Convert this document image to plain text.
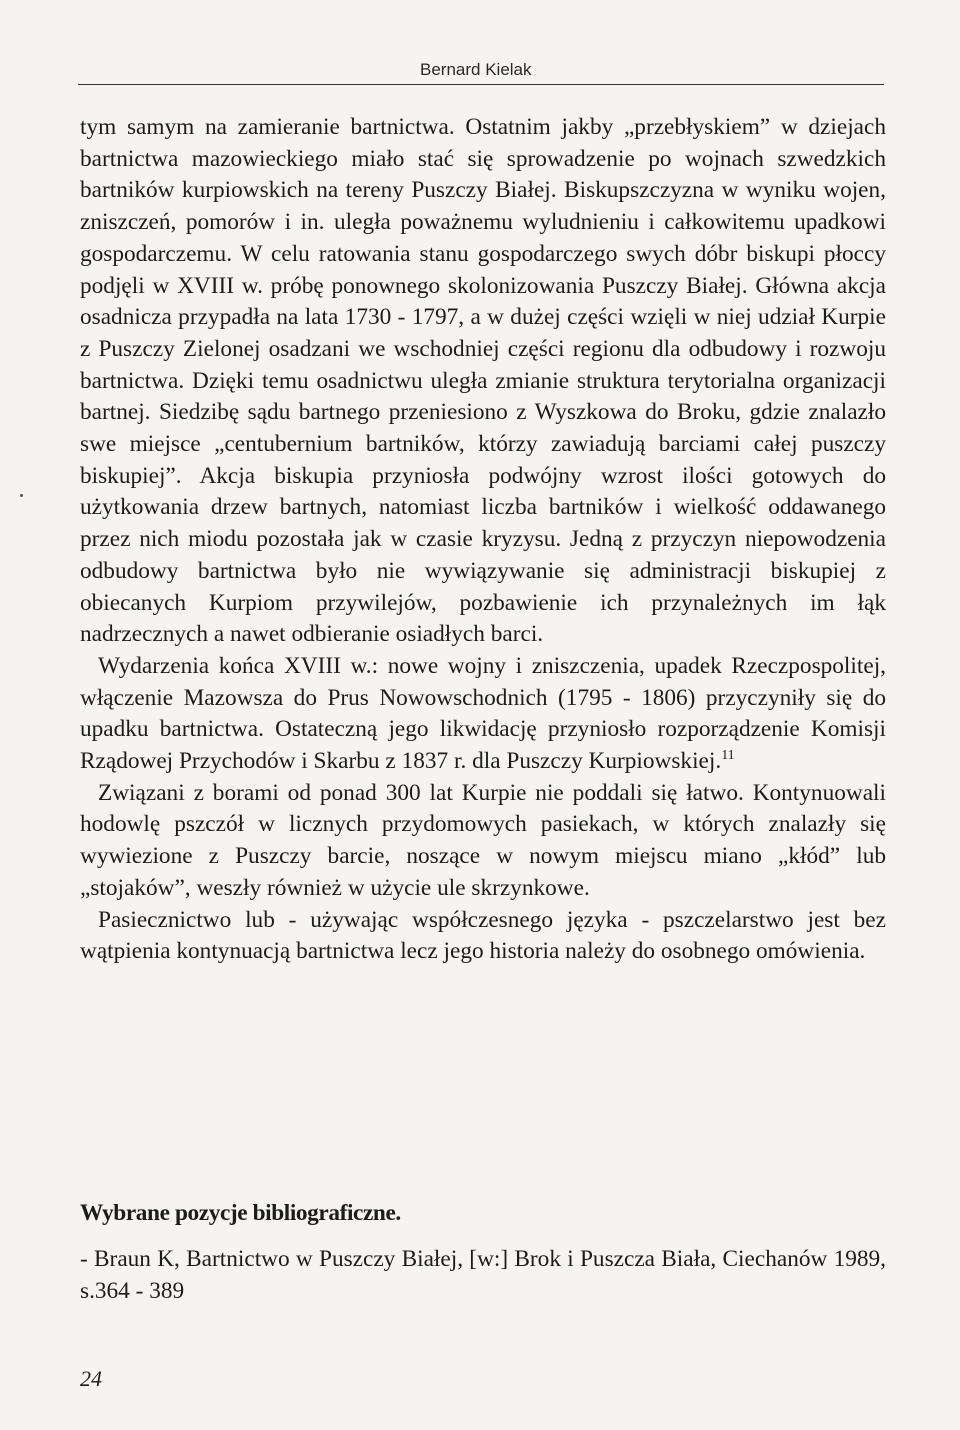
Bernard Kielak

tym samym na zamieranie bartnictwa. Ostatnim jakby „przebłyskiem” w dziejach bartnictwa mazowieckiego miało stać się sprowadzenie po wojnach szwedzkich bartników kurpiowskich na tereny Puszczy Białej. Biskupszczyzna w wyniku wojen, zniszczeń, pomorów i in. uległa poważnemu wyludnieniu i całkowitemu upadkowi gospodarczemu. W celu ratowania stanu gospodarczego swych dóbr biskupi płoccy podjęli w XVIII w. próbę ponownego skolonizowania Puszczy Białej. Główna akcja osadnicza przypadła na lata 1730 - 1797, a w dużej części wzięli w niej udział Kurpie z Puszczy Zielonej osadzani we wschodniej części regionu dla odbudowy i rozwoju bartnictwa. Dzięki temu osadnictwu uległa zmianie struktura terytorialna organizacji bartnej. Siedzibę sądu bartnego przeniesiono z Wyszkowa do Broku, gdzie znalazło swe miejsce „centubernium bartników, którzy zawiadują barciami całej puszczy biskupiej”. Akcja biskupia przyniosła podwójny wzrost ilości gotowych do użytkowania drzew bartnych, natomiast liczba bartników i wielkość oddawanego przez nich miodu pozostała jak w czasie kryzysu. Jedną z przyczyn niepowodzenia odbudowy bartnictwa było nie wywiązywanie się administracji biskupiej z obiecanych Kurpiom przywilejów, pozbawienie ich przynależnych im łąk nadrzecznych a nawet odbieranie osiadłych barci.

Wydarzenia końca XVIII w.: nowe wojny i zniszczenia, upadek Rzeczpospolitej, włączenie Mazowsza do Prus Nowowschodnich (1795 - 1806) przyczyniły się do upadku bartnictwa. Ostateczną jego likwidację przyniosło rozporządzenie Komisji Rządowej Przychodów i Skarbu z 1837 r. dla Puszczy Kurpiowskiej.$^{11}$

Związani z borami od ponad 300 lat Kurpie nie poddali się łatwo. Kontynuowali hodowlę pszczół w licznych przydomowych pasiekach, w których znalazły się wywiezione z Puszczy barcie, noszące w nowym miejscu miano „kłód” lub „stojaków”, weszły również w użycie ule skrzynkowe.

Pasiecznictwo lub - używając współczesnego języka - pszczelarstwo jest bez wątpienia kontynuacją bartnictwa lecz jego historia należy do osobnego omówienia.

Wybrane pozycje bibliograficzne.

- Braun K, Bartnictwo w Puszczy Białej, [w:] Brok i Puszcza Biała, Ciechanów 1989, s.364 - 389

24
